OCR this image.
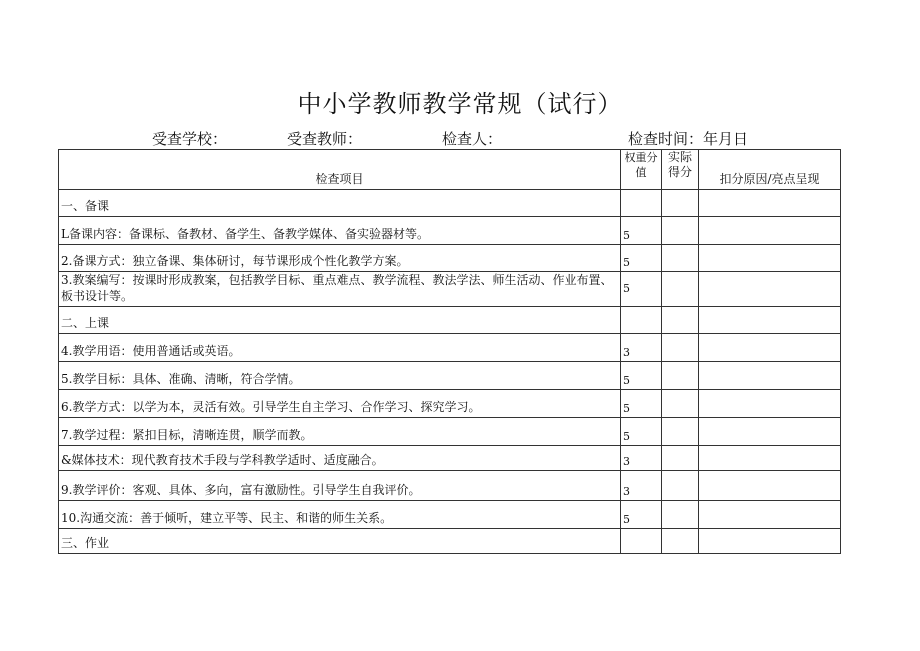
中小学教师教学常规（试行）
受查学校：	受查教师：	检查人：	检查时间：年月日
检查项目	权重分值	实际得分	扣分原因/亮点呈现
一、备课			
L备课内容：备课标、备教材、备学生、备教学媒体、备实验器材等。	5		
2.备课方式：独立备课、集体研讨，每节课形成个性化教学方案。	5		
3.教案编写：按课时形成教案，包括教学目标、重点难点、教学流程、教法学法、师生活动、作业布置、板书设计等。	5		
二、上课			
4.教学用语：使用普通话或英语。	3		
5.教学目标：具体、准确、清晰，符合学情。	5		
6.教学方式：以学为本，灵活有效。引导学生自主学习、合作学习、探究学习。	5		
7.教学过程：紧扣目标，清晰连贯，顺学而教。	5		
&媒体技术：现代教育技术手段与学科教学适时、适度融合。	3		
9.教学评价：客观、具体、多向，富有激励性。引导学生自我评价。	3		
10.沟通交流：善于倾听，建立平等、民主、和谐的师生关系。	5		
三、作业			
